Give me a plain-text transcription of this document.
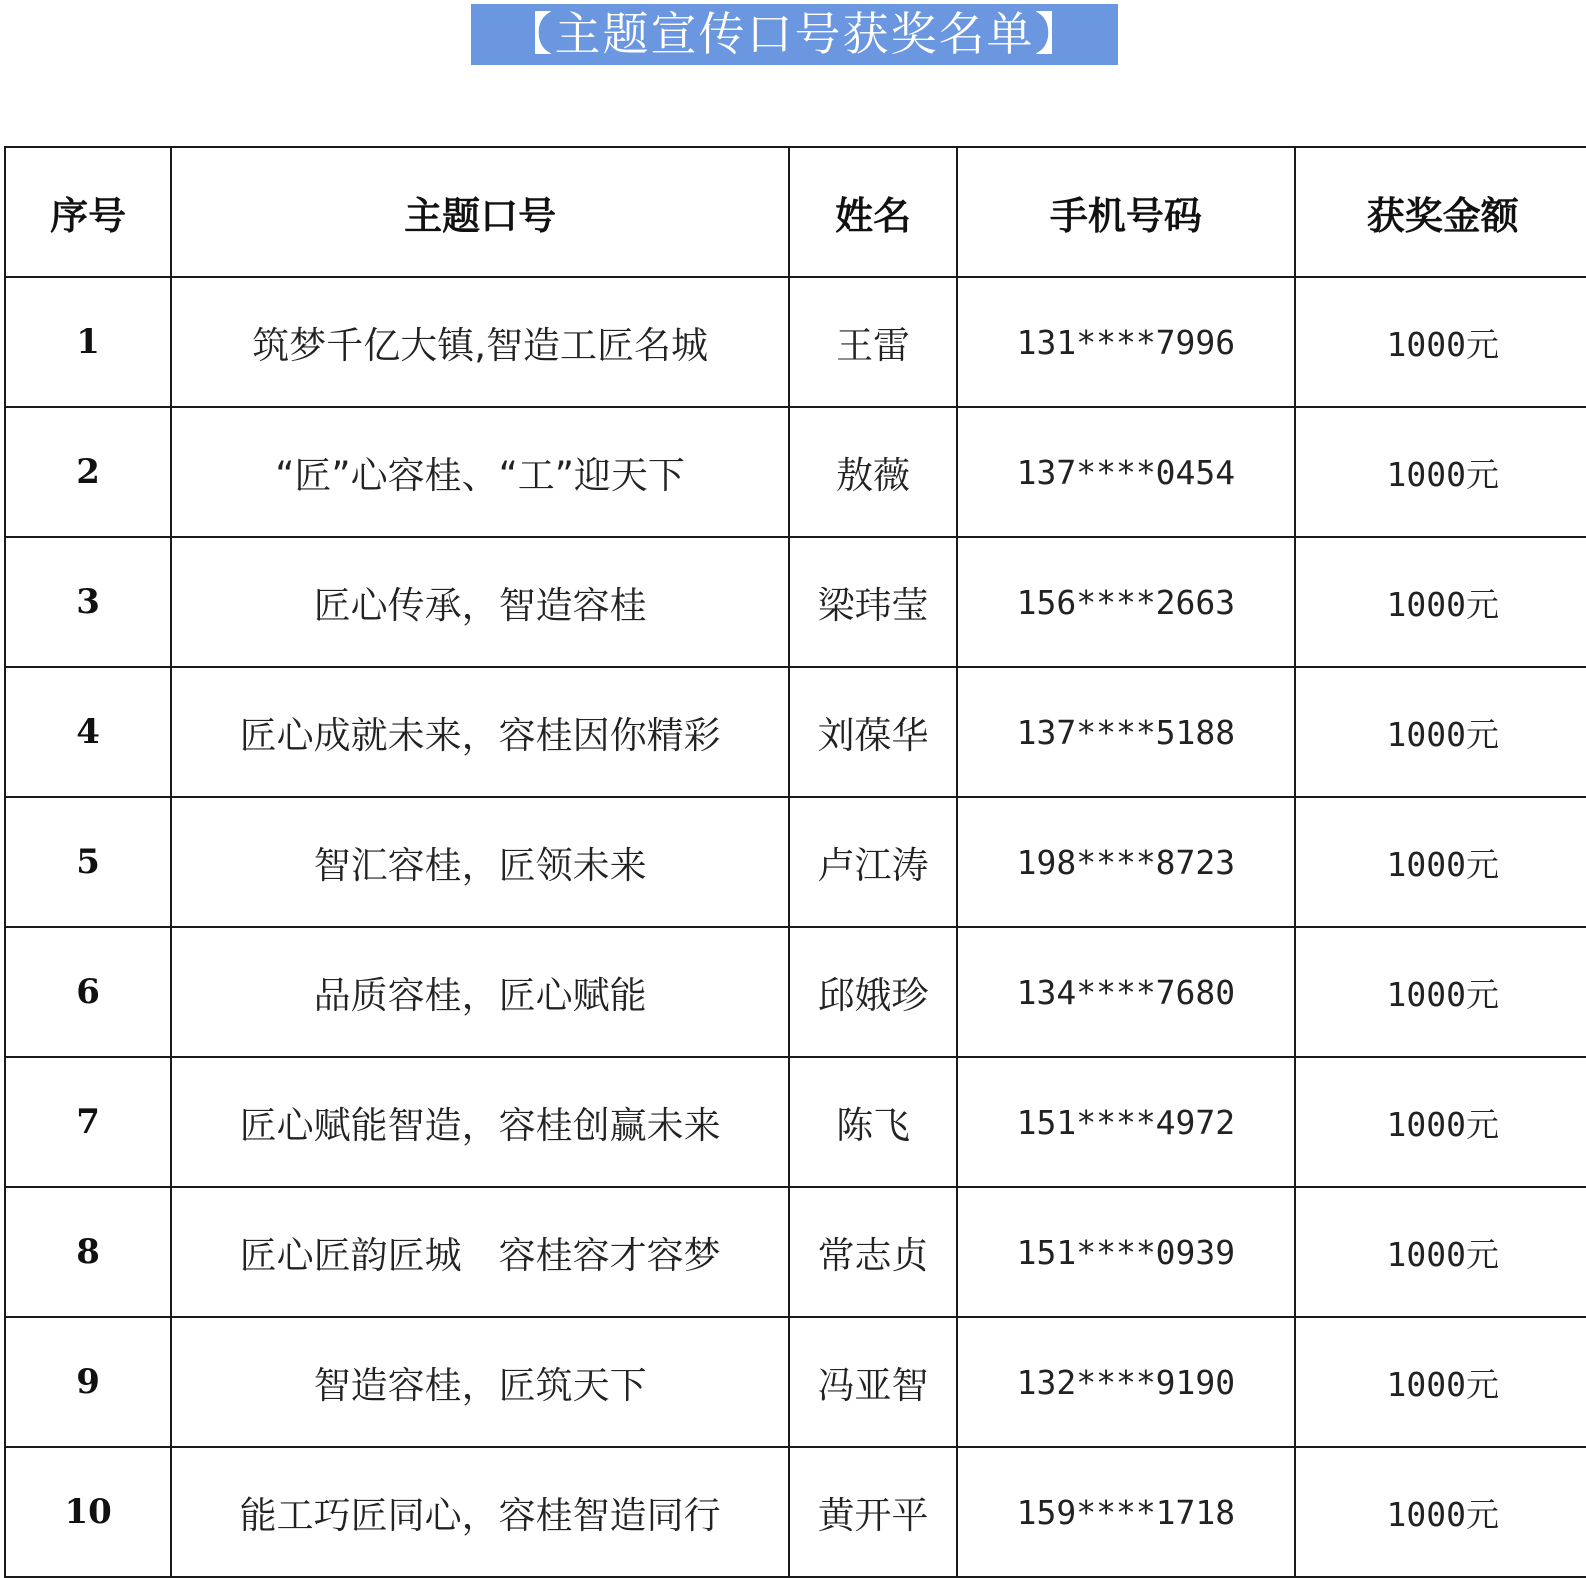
【主题宣传口号获奖名单】
序号	主题口号	姓名	手机号码	获奖金额
1	筑梦千亿大镇,智造工匠名城	王雷	131****7996	1000元
2	“匠”心容桂、“工”迎天下	敖薇	137****0454	1000元
3	匠心传承，智造容桂	梁玮莹	156****2663	1000元
4	匠心成就未来，容桂因你精彩	刘葆华	137****5188	1000元
5	智汇容桂，匠领未来	卢江涛	198****8723	1000元
6	品质容桂，匠心赋能	邱娥珍	134****7680	1000元
7	匠心赋能智造，容桂创赢未来	陈飞	151****4972	1000元
8	匠心匠韵匠城　容桂容才容梦	常志贞	151****0939	1000元
9	智造容桂，匠筑天下	冯亚智	132****9190	1000元
10	能工巧匠同心，容桂智造同行	黄开平	159****1718	1000元
